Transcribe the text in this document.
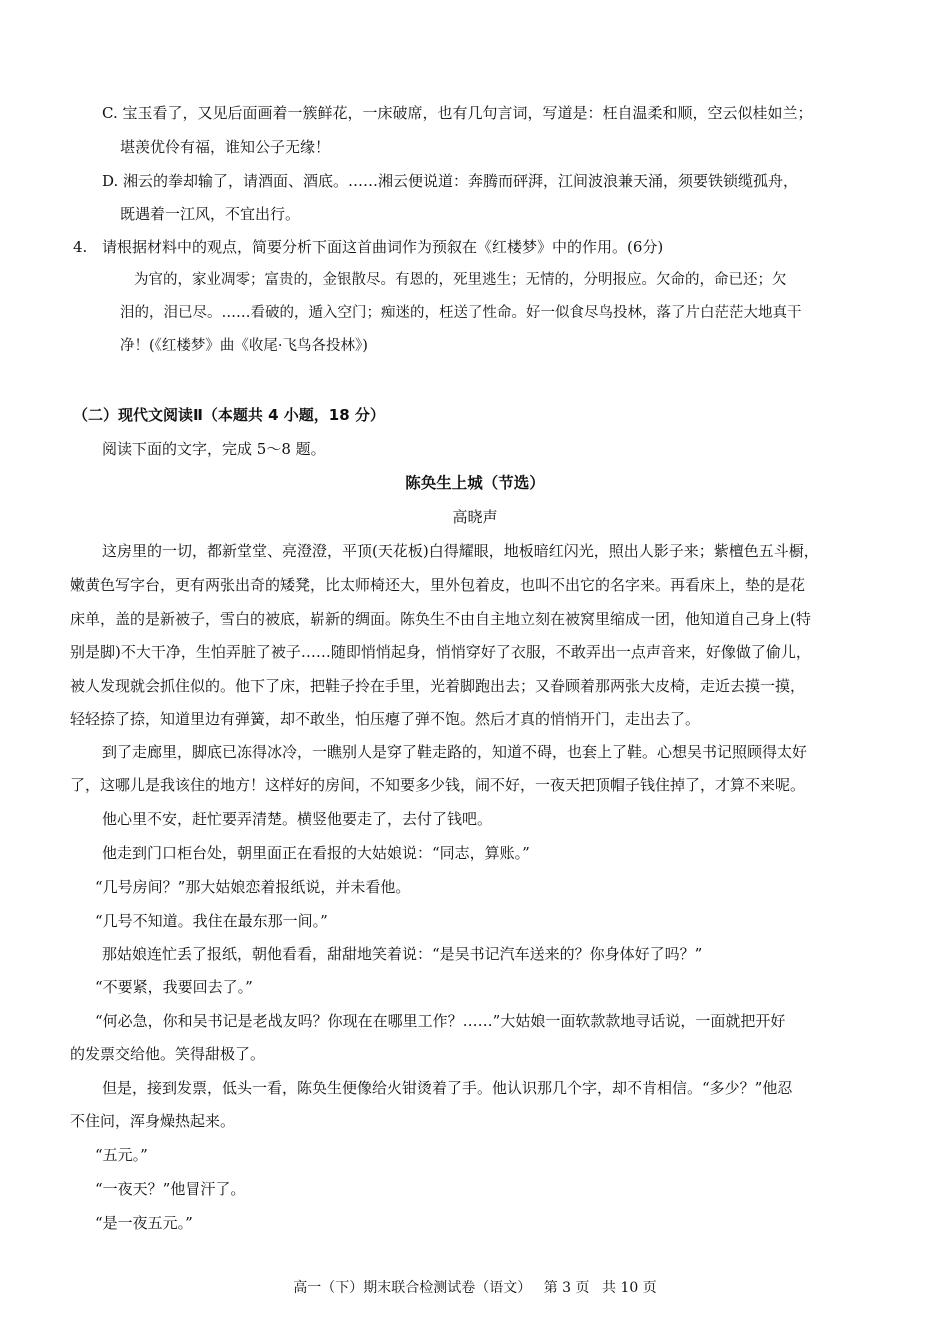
C. 宝玉看了，又见后面画着一簇鲜花，一床破席，也有几句言词，写道是：枉自温柔和顺，空云似桂如兰；
堪羡优伶有福，谁知公子无缘！
D. 湘云的拳却输了，请酒面、酒底。……湘云便说道：奔腾而砰湃，江间波浪兼天涌，须要铁锁缆孤舟，
既遇着一江风，不宜出行。
4. 请根据材料中的观点，简要分析下面这首曲词作为预叙在《红楼梦》中的作用。(6分)
为官的，家业凋零；富贵的，金银散尽。有恩的，死里逃生；无情的，分明报应。欠命的，命已还；欠
泪的，泪已尽。……看破的，遁入空门；痴迷的，枉送了性命。好一似食尽鸟投林，落了片白茫茫大地真干
净！(《红楼梦》曲《收尾·飞鸟各投林》)
（二）现代文阅读Ⅱ（本题共 4 小题，18 分）
阅读下面的文字，完成 5～8 题。
陈奂生上城（节选）
高晓声
这房里的一切，都新堂堂、亮澄澄，平顶(天花板)白得耀眼，地板暗红闪光，照出人影子来；紫檀色五斗橱，
嫩黄色写字台，更有两张出奇的矮凳，比太师椅还大，里外包着皮，也叫不出它的名字来。再看床上，垫的是花
床单，盖的是新被子，雪白的被底，崭新的绸面。陈奂生不由自主地立刻在被窝里缩成一团，他知道自己身上(特
别是脚)不大干净，生怕弄脏了被子……随即悄悄起身，悄悄穿好了衣服，不敢弄出一点声音来，好像做了偷儿，
被人发现就会抓住似的。他下了床，把鞋子拎在手里，光着脚跑出去；又眷顾着那两张大皮椅，走近去摸一摸，
轻轻捺了捺，知道里边有弹簧，却不敢坐，怕压瘪了弹不饱。然后才真的悄悄开门，走出去了。
到了走廊里，脚底已冻得冰冷，一瞧别人是穿了鞋走路的，知道不碍，也套上了鞋。心想吴书记照顾得太好
了，这哪儿是我该住的地方！这样好的房间，不知要多少钱，闹不好，一夜天把顶帽子钱住掉了，才算不来呢。
他心里不安，赶忙要弄清楚。横竖他要走了，去付了钱吧。
他走到门口柜台处，朝里面正在看报的大姑娘说：“同志，算账。”
“几号房间？”那大姑娘恋着报纸说，并未看他。
“几号不知道。我住在最东那一间。”
那姑娘连忙丢了报纸，朝他看看，甜甜地笑着说：“是吴书记汽车送来的？你身体好了吗？”
“不要紧，我要回去了。”
“何必急，你和吴书记是老战友吗？你现在在哪里工作？……”大姑娘一面软款款地寻话说，一面就把开好
的发票交给他。笑得甜极了。
但是，接到发票，低头一看，陈奂生便像给火钳烫着了手。他认识那几个字，却不肯相信。“多少？”他忍
不住问，浑身燥热起来。
“五元。”
“一夜天？”他冒汗了。
“是一夜五元。”
高一（下）期末联合检测试卷（语文） 第 3 页 共 10 页
